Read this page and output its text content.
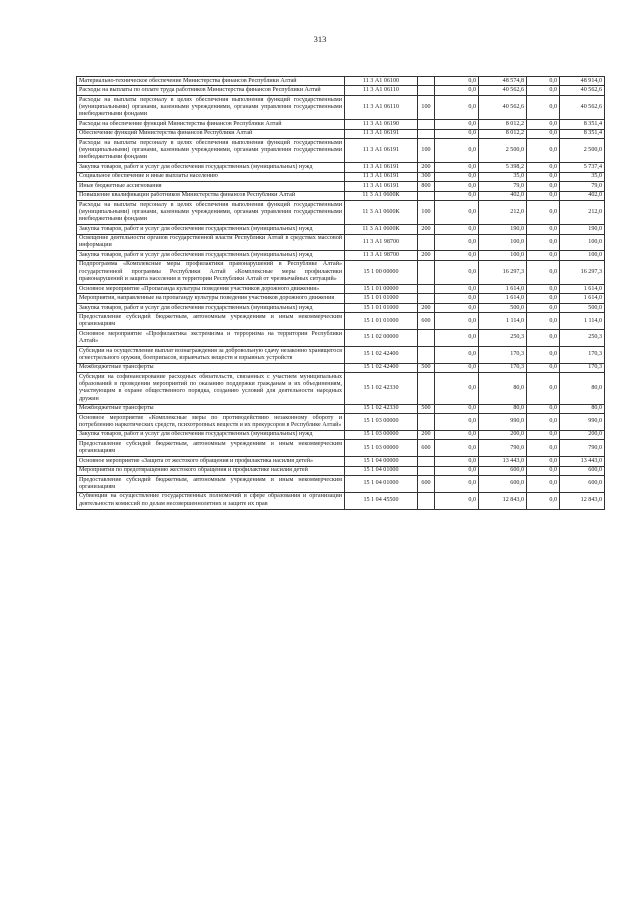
313
Материально-техническое обеспечение Министерства финансов Республики Алтай	11 3 А1 06100		0,0	48 574,8	0,0	48 914,0
Расходы на выплаты по оплате труда работников Министерства финансов Республики Алтай	11 3 А1 06110		0,0	40 562,6	0,0	40 562,6
Расходы на выплаты персоналу в целях обеспечения выполнения функций государственными (муниципальными) органами, казенными учреждениями, органами управления государственными внебюджетными фондами	11 3 А1 06110	100	0,0	40 562,6	0,0	40 562,6
Расходы на обеспечение функций Министерства финансов Республики Алтай	11 3 А1 06190		0,0	8 012,2	0,0	8 351,4
Обеспечение функций Министерства финансов Республики Алтай	11 3 А1 06191		0,0	8 012,2	0,0	8 351,4
Расходы на выплаты персоналу в целях обеспечения выполнения функций государственными (муниципальными) органами, казенными учреждениями, органами управления государственными внебюджетными фондами	11 3 А1 06191	100	0,0	2 500,0	0,0	2 500,0
Закупка товаров, работ и услуг для обеспечения государственных (муниципальных) нужд	11 3 А1 06191	200	0,0	5 398,2	0,0	5 737,4
Социальное обеспечение и иные выплаты населению	11 3 А1 06191	300	0,0	35,0	0,0	35,0
Иные бюджетные ассигнования	11 3 А1 06191	800	0,0	79,0	0,0	79,0
Повышение квалификации работников Министерства финансов Республики Алтай	11 3 А1 0600К		0,0	402,0	0,0	402,0
Расходы на выплаты персоналу в целях обеспечения выполнения функций государственными (муниципальными) органами, казенными учреждениями, органами управления государственными внебюджетными фондами	11 3 А1 0600К	100	0,0	212,0	0,0	212,0
Закупка товаров, работ и услуг для обеспечения государственных (муниципальных) нужд	11 3 А1 0600К	200	0,0	190,0	0,0	190,0
Освещение деятельности органов государственной власти Республики Алтай в средствах массовой информации	11 3 А1 98700		0,0	100,0	0,0	100,0
Закупка товаров, работ и услуг для обеспечения государственных (муниципальных) нужд	11 3 А1 98700	200	0,0	100,0	0,0	100,0
Подпрограмма «Комплексные меры профилактики правонарушений в Республике Алтай» государственной программы Республики Алтай «Комплексные меры профилактики правонарушений и защита населения и территории Республики Алтай от чрезвычайных ситуаций»	15 1 00 00000		0,0	16 297,3	0,0	16 297,3
Основное мероприятие «Пропаганда культуры поведения участников дорожного движения»	15 1 01 00000		0,0	1 614,0	0,0	1 614,0
Мероприятия, направленные на пропаганду культуры поведения участников дорожного движения	15 1 01 01000		0,0	1 614,0	0,0	1 614,0
Закупка товаров, работ и услуг для обеспечения государственных (муниципальных) нужд	15 1 01 01000	200	0,0	500,0	0,0	500,0
Предоставление субсидий бюджетным, автономным учреждениям и иным некоммерческим организациям	15 1 01 01000	600	0,0	1 114,0	0,0	1 114,0
Основное мероприятие «Профилактика экстремизма и терроризма на территории Республики Алтай»	15 1 02 00000		0,0	250,3	0,0	250,3
Субсидии на осуществление выплат вознаграждения за добровольную сдачу незаконно хранящегося огнестрельного оружия, боеприпасов, взрывчатых веществ и взрывных устройств	15 1 02 42400		0,0	170,3	0,0	170,3
Межбюджетные трансферты	15 1 02 42400	500	0,0	170,3	0,0	170,3
Субсидии на софинансирование расходных обязательств, связанных с участием муниципальных образований в проведении мероприятий по оказанию поддержки гражданам и их объединениям, участвующим в охране общественного порядка, созданию условий для деятельности народных дружин	15 1 02 42330		0,0	80,0	0,0	80,0
Межбюджетные трансферты	15 1 02 42330	500	0,0	80,0	0,0	80,0
Основное мероприятие «Комплексные меры по противодействию незаконному обороту и потреблению наркотических средств, психотропных веществ и их прекурсоров в Республике Алтай»	15 1 03 00000		0,0	990,0	0,0	990,0
Закупка товаров, работ и услуг для обеспечения государственных (муниципальных) нужд	15 1 03 00000	200	0,0	200,0	0,0	200,0
Предоставление субсидий бюджетным, автономным учреждениям и иным некоммерческим организациям	15 1 03 00000	600	0,0	790,0	0,0	790,0
Основное мероприятие «Защита от жестокого обращения и профилактика насилия детей»	15 1 04 00000		0,0	13 443,0	0,0	13 443,0
Мероприятия по предотвращению жестокого обращения и профилактике насилия детей	15 1 04 01000		0,0	600,0	0,0	600,0
Предоставление субсидий бюджетным, автономным учреждениям и иным некоммерческим организациям	15 1 04 01000	600	0,0	600,0	0,0	600,0
Субвенции на осуществление государственных полномочий в сфере образования и организации деятельности комиссий по делам несовершеннолетних и защите их прав	15 1 04 45500		0,0	12 843,0	0,0	12 843,0
